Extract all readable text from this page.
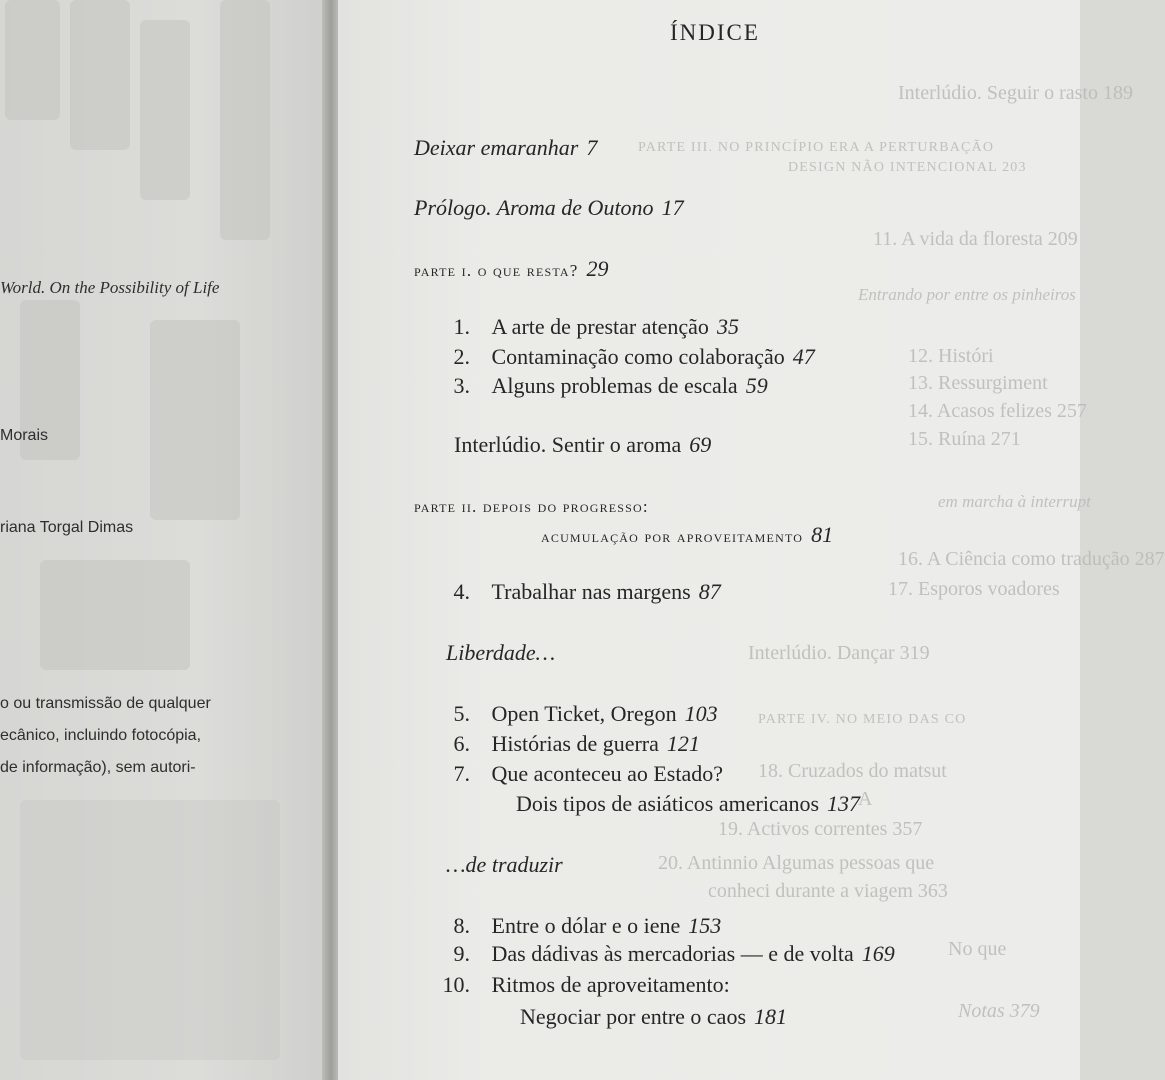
World. On the Possibility of Life
Morais
riana Torgal Dimas
o ou transmissão de qualquer
ecânico, incluindo fotocópia,
de informação), sem autori-
Interlúdio. Seguir o rasto 189
PARTE III. NO PRINCÍPIO ERA A PERTURBAÇÃO
DESIGN NÃO INTENCIONAL 203
11. A vida da floresta 209
Entrando por entre os pinheiros
12. Históri
13. Ressurgiment
14. Acasos felizes 257
15. Ruína 271
em marcha à interrupt
16. A Ciência como tradução 287
17. Esporos voadores
Interlúdio. Dançar 319
PARTE IV. NO MEIO DAS CO
18. Cruzados do matsut
A
19. Activos correntes 357
20. Antinnio Algumas pessoas que
conheci durante a viagem 363
No que
Notas 379
ÍNDICE
Deixar emaranhar 7
Prólogo. Aroma de Outono 17
parte i. o que resta? 29
1. A arte de prestar atenção 35
2. Contaminação como colaboração 47
3. Alguns problemas de escala 59
Interlúdio. Sentir o aroma 69
parte ii. depois do progresso:
acumulação por aproveitamento 81
4. Trabalhar nas margens 87
Liberdade…
5. Open Ticket, Oregon 103
6. Histórias de guerra 121
7. Que aconteceu ao Estado?
Dois tipos de asiáticos americanos 137
…de traduzir
8. Entre o dólar e o iene 153
9. Das dádivas às mercadorias — e de volta 169
10. Ritmos de aproveitamento:
Negociar por entre o caos 181
